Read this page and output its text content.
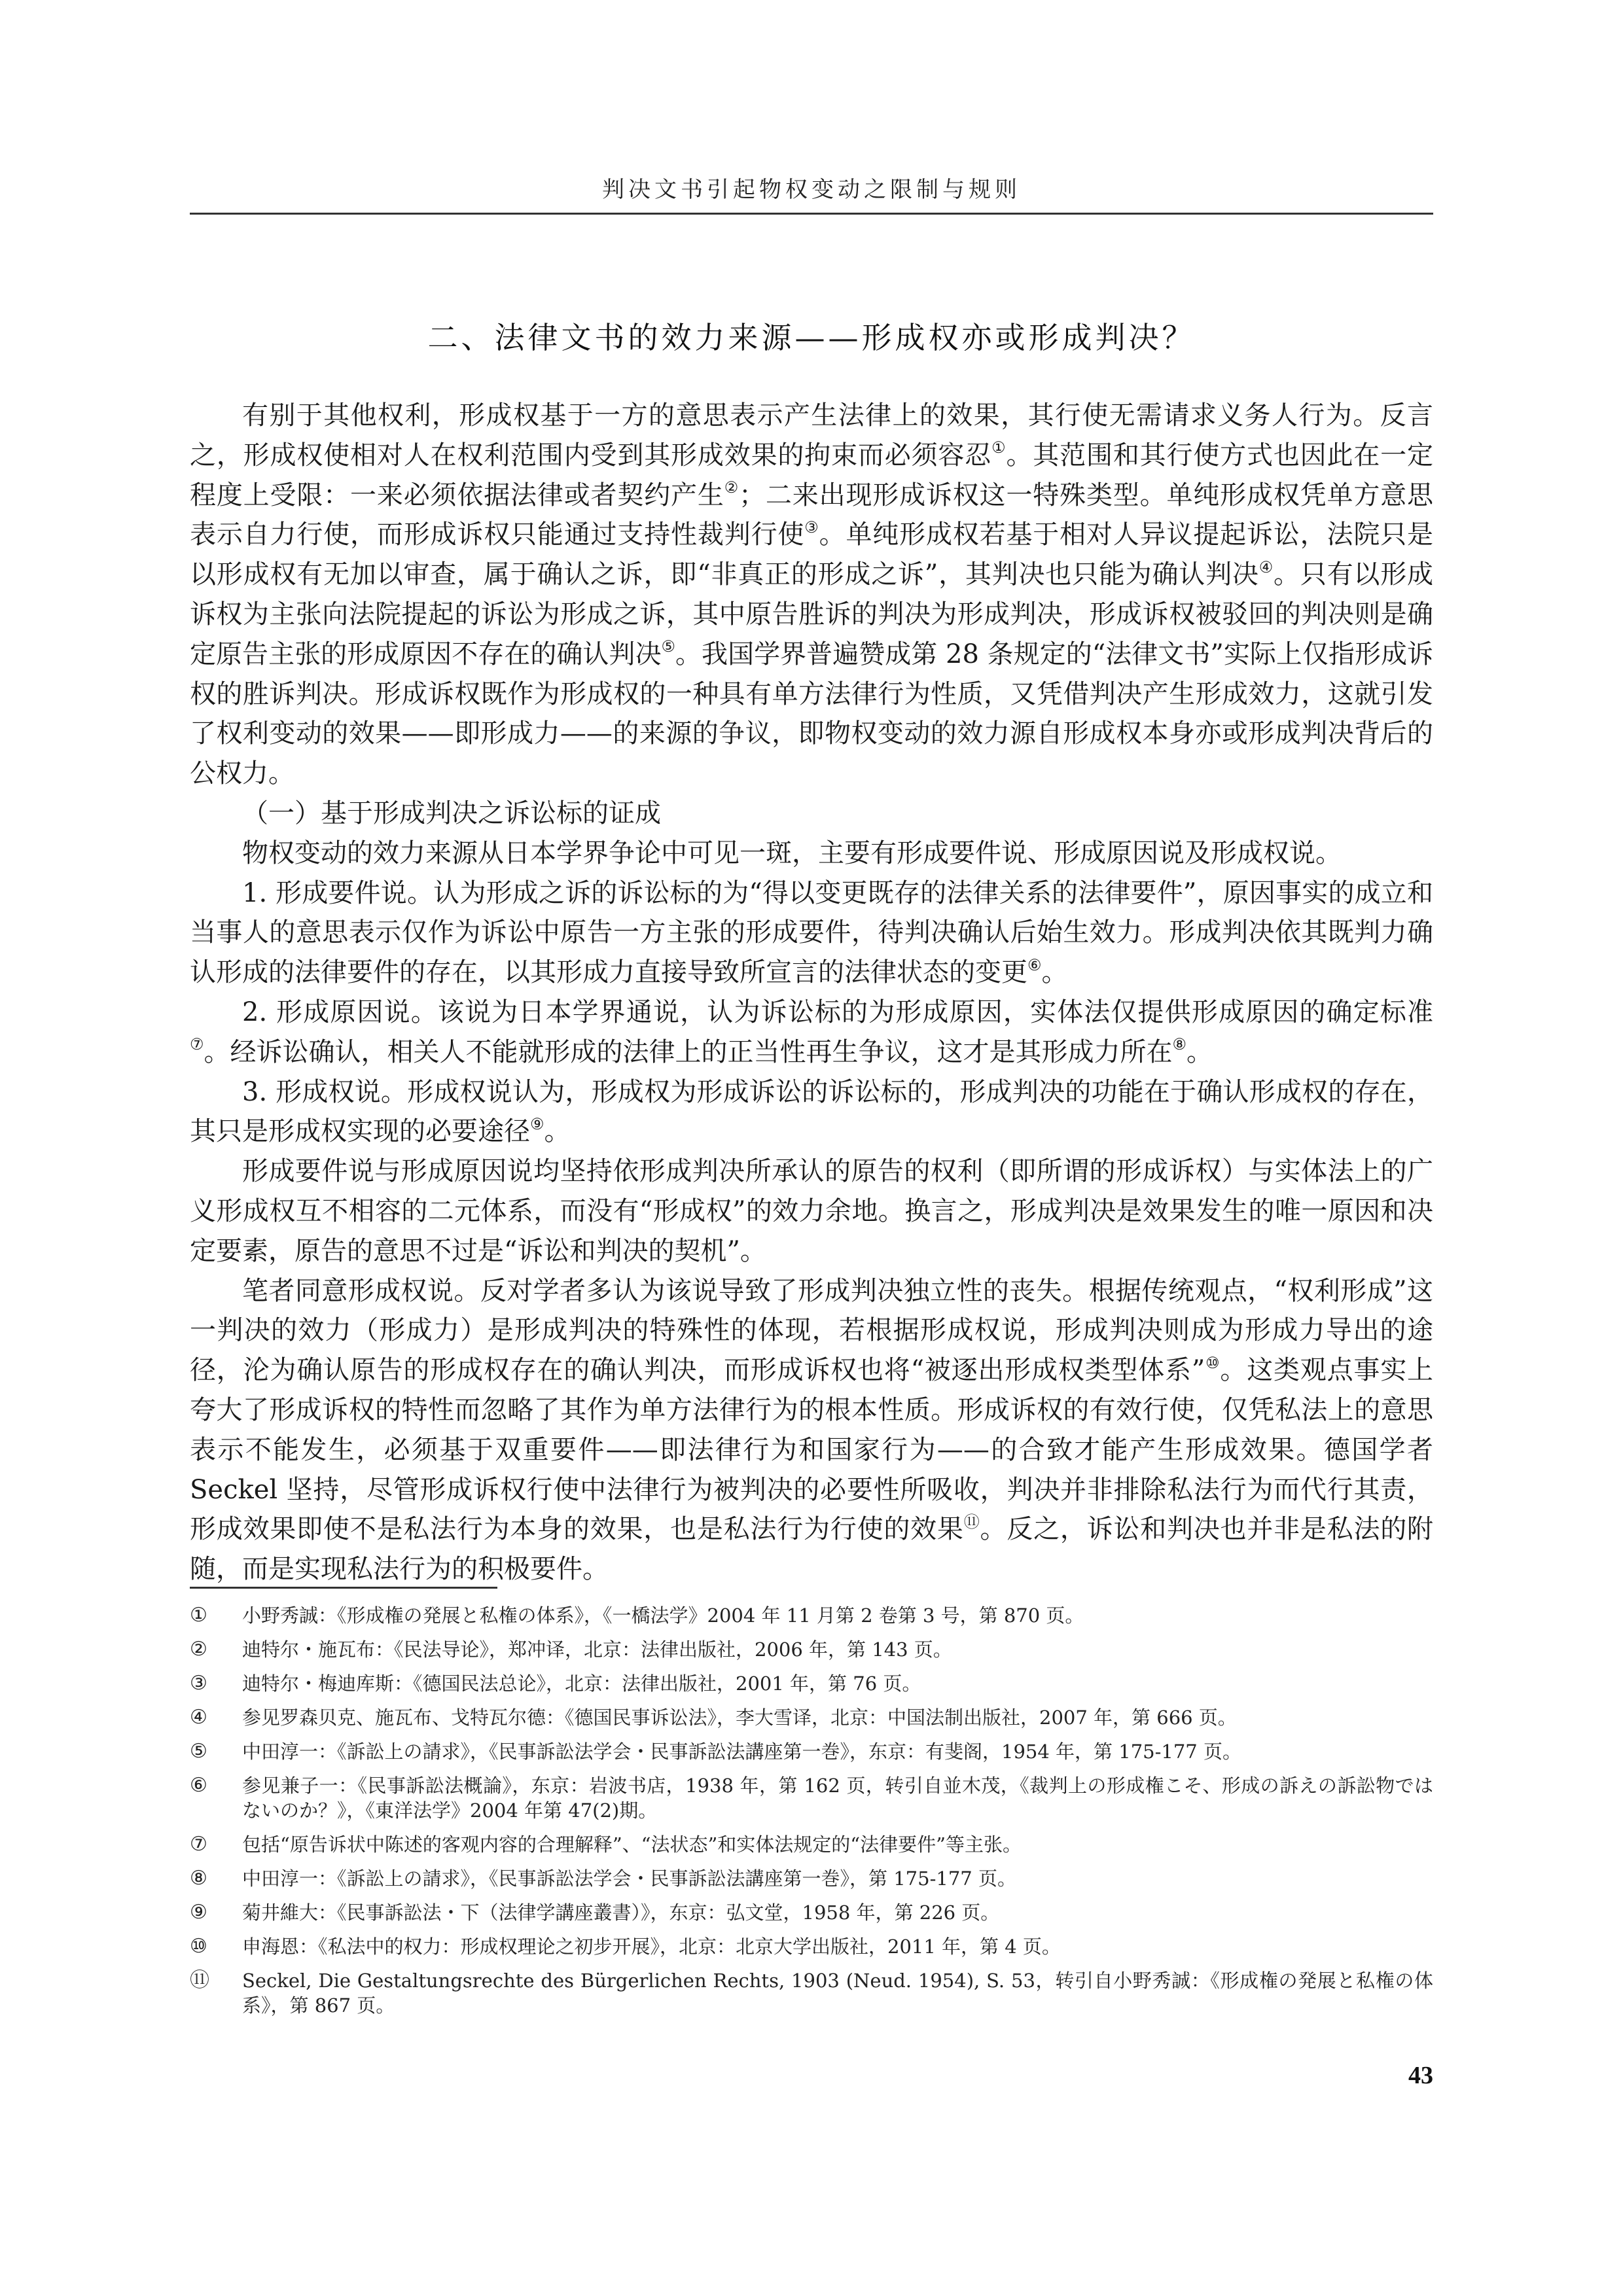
判决文书引起物权变动之限制与规则
二、法律文书的效力来源——形成权亦或形成判决？

有别于其他权利，形成权基于一方的意思表示产生法律上的效果，其行使无需请求义务人行为。反言之，形成权使相对人在权利范围内受到其形成效果的拘束而必须容忍①。其范围和其行使方式也因此在一定程度上受限：一来必须依据法律或者契约产生②；二来出现形成诉权这一特殊类型。单纯形成权凭单方意思表示自力行使，而形成诉权只能通过支持性裁判行使③。单纯形成权若基于相对人异议提起诉讼，法院只是以形成权有无加以审查，属于确认之诉，即“非真正的形成之诉”，其判决也只能为确认判决④。只有以形成诉权为主张向法院提起的诉讼为形成之诉，其中原告胜诉的判决为形成判决，形成诉权被驳回的判决则是确定原告主张的形成原因不存在的确认判决⑤。我国学界普遍赞成第 28 条规定的“法律文书”实际上仅指形成诉权的胜诉判决。形成诉权既作为形成权的一种具有单方法律行为性质，又凭借判决产生形成效力，这就引发了权利变动的效果——即形成力——的来源的争议，即物权变动的效力源自形成权本身亦或形成判决背后的公权力。

（一）基于形成判决之诉讼标的证成

物权变动的效力来源从日本学界争论中可见一斑，主要有形成要件说、形成原因说及形成权说。

1. 形成要件说。认为形成之诉的诉讼标的为“得以变更既存的法律关系的法律要件”，原因事实的成立和当事人的意思表示仅作为诉讼中原告一方主张的形成要件，待判决确认后始生效力。形成判决依其既判力确认形成的法律要件的存在，以其形成力直接导致所宣言的法律状态的变更⑥。

2. 形成原因说。该说为日本学界通说，认为诉讼标的为形成原因，实体法仅提供形成原因的确定标准⑦。经诉讼确认，相关人不能就形成的法律上的正当性再生争议，这才是其形成力所在⑧。

3. 形成权说。形成权说认为，形成权为形成诉讼的诉讼标的，形成判决的功能在于确认形成权的存在，其只是形成权实现的必要途径⑨。

形成要件说与形成原因说均坚持依形成判决所承认的原告的权利（即所谓的形成诉权）与实体法上的广义形成权互不相容的二元体系，而没有“形成权”的效力余地。换言之，形成判决是效果发生的唯一原因和决定要素，原告的意思不过是“诉讼和判决的契机”。

笔者同意形成权说。反对学者多认为该说导致了形成判决独立性的丧失。根据传统观点，“权利形成”这一判决的效力（形成力）是形成判决的特殊性的体现，若根据形成权说，形成判决则成为形成力导出的途径，沦为确认原告的形成权存在的确认判决，而形成诉权也将“被逐出形成权类型体系”⑩。这类观点事实上夸大了形成诉权的特性而忽略了其作为单方法律行为的根本性质。形成诉权的有效行使，仅凭私法上的意思表示不能发生，必须基于双重要件——即法律行为和国家行为——的合致才能产生形成效果。德国学者 Seckel 坚持，尽管形成诉权行使中法律行为被判决的必要性所吸收，判决并非排除私法行为而代行其责，形成效果即使不是私法行为本身的效果，也是私法行为行使的效果⑪。反之，诉讼和判决也并非是私法的附随，而是实现私法行为的积极要件。

①	小野秀誠：《形成権の発展と私権の体系》，《一橋法学》2004 年 11 月第 2 卷第 3 号，第 870 页。
②	迪特尔・施瓦布：《民法导论》，郑冲译，北京：法律出版社，2006 年，第 143 页。
③	迪特尔・梅迪库斯：《德国民法总论》，北京：法律出版社，2001 年，第 76 页。
④	参见罗森贝克、施瓦布、戈特瓦尔德：《德国民事诉讼法》，李大雪译，北京：中国法制出版社，2007 年，第 666 页。
⑤	中田淳一：《訴訟上の請求》，《民事訴訟法学会・民事訴訟法講座第一巻》，东京：有斐阁，1954 年，第 175-177 页。
⑥	参见兼子一：《民事訴訟法概論》，东京：岩波书店，1938 年，第 162 页，转引自並木茂，《裁判上の形成権こそ、形成の訴えの訴訟物ではないのか？》，《東洋法学》2004 年第 47(2)期。
⑦	包括“原告诉状中陈述的客观内容的合理解释”、“法状态”和实体法规定的“法律要件”等主张。
⑧	中田淳一：《訴訟上の請求》，《民事訴訟法学会・民事訴訟法講座第一巻》，第 175-177 页。
⑨	菊井維大：《民事訴訟法・下（法律学講座叢書）》，东京：弘文堂，1958 年，第 226 页。
⑩	申海恩：《私法中的权力：形成权理论之初步开展》，北京：北京大学出版社，2011 年，第 4 页。
⑪	Seckel, Die Gestaltungsrechte des Bürgerlichen Rechts, 1903 (Neud. 1954), S. 53，转引自小野秀誠：《形成権の発展と私権の体系》，第 867 页。
43
